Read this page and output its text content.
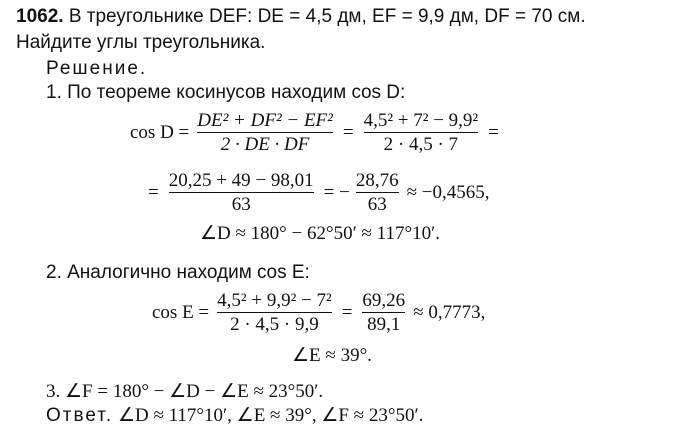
1062. В треугольнике DEF: DE = 4,5 дм, EF = 9,9 дм, DF = 70 см.
Найдите углы треугольника.
Решение.
1. По теореме косинусов находим cos D:
$\cos D = \frac{\text{DE² + DF² − EF²}}{2 \cdot DE \cdot DF} = \frac{\text{4,5² + 7² − 9,9²}}{2 \cdot 4,5 \cdot 7}$ =
= $\frac{20,25 + 49 - 98,01}{63}$ = − $\frac{28,76}{63} \approx -0,4565$,
∠D ≈ 180° − 62°50′ ≈ 117°10′.
2. Аналогично находим cos E:
$\cos E = \frac{\text{4,5² + 9,9² − 7²}}{2 \cdot 4,5 \cdot 9,9} = \frac{69,26}{89,1} \approx 0,7773$,
∠E ≈ 39°.
3. ∠F = 180° − ∠D − ∠E ≈ 23°50′.
Ответ. ∠D ≈ 117°10′, ∠E ≈ 39°, ∠F ≈ 23°50′.
